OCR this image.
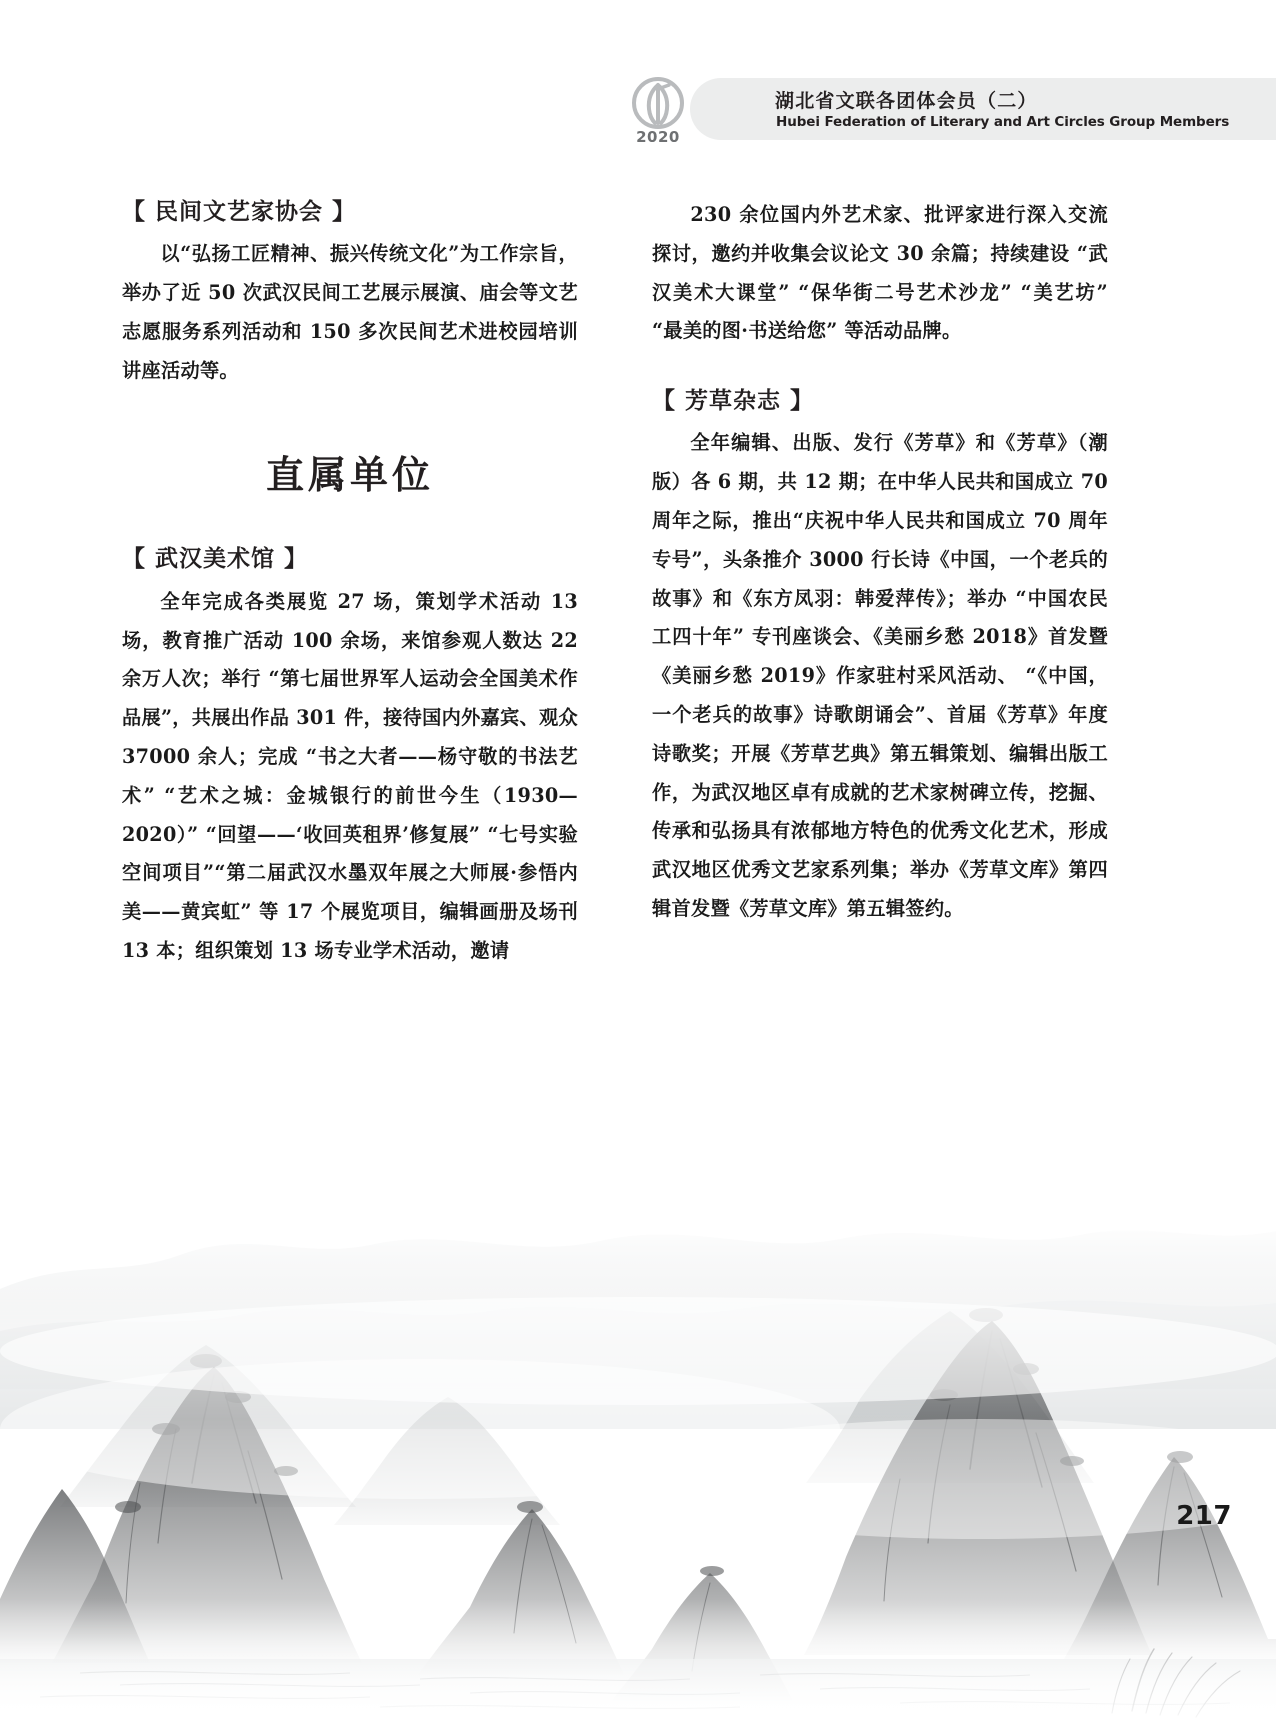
2020
湖北省文联各团体会员（二）
Hubei Federation of Literary and Art Circles Group Members
【 民间文艺家协会 】

以“弘扬工匠精神、振兴传统文化”为工作宗旨，举办了近 50 次武汉民间工艺展示展演、庙会等文艺志愿服务系列活动和 150 多次民间艺术进校园培训讲座活动等。

直属单位
【 武汉美术馆 】

全年完成各类展览 27 场，策划学术活动 13 场，教育推广活动 100 余场，来馆参观人数达 22 余万人次；举行 “第七届世界军人运动会全国美术作品展”，共展出作品 301 件，接待国内外嘉宾、观众 37000 余人；完成 “书之大者——杨守敬的书法艺术” “艺术之城：金城银行的前世今生（1930—2020）” “回望——‘收回英租界’修复展” “七号实验空间项目”“第二届武汉水墨双年展之大师展·参悟内美——黄宾虹” 等 17 个展览项目，编辑画册及场刊 13 本；组织策划 13 场专业学术活动，邀请

230 余位国内外艺术家、批评家进行深入交流探讨，邀约并收集会议论文 30 余篇；持续建设 “武汉美术大课堂” “保华街二号艺术沙龙” “美艺坊” “最美的图·书送给您” 等活动品牌。

【 芳草杂志 】

全年编辑、出版、发行《芳草》和《芳草》（潮版）各 6 期，共 12 期；在中华人民共和国成立 70 周年之际，推出“庆祝中华人民共和国成立 70 周年专号”，头条推介 3000 行长诗《中国，一个老兵的故事》和《东方凤羽：韩爱萍传》；举办 “中国农民工四十年” 专刊座谈会、《美丽乡愁 2018》首发暨《美丽乡愁 2019》作家驻村采风活动、 “《中国，一个老兵的故事》诗歌朗诵会”、首届《芳草》年度诗歌奖；开展《芳草艺典》第五辑策划、编辑出版工作，为武汉地区卓有成就的艺术家树碑立传，挖掘、传承和弘扬具有浓郁地方特色的优秀文化艺术，形成武汉地区优秀文艺家系列集；举办《芳草文库》第四辑首发暨《芳草文库》第五辑签约。

217
